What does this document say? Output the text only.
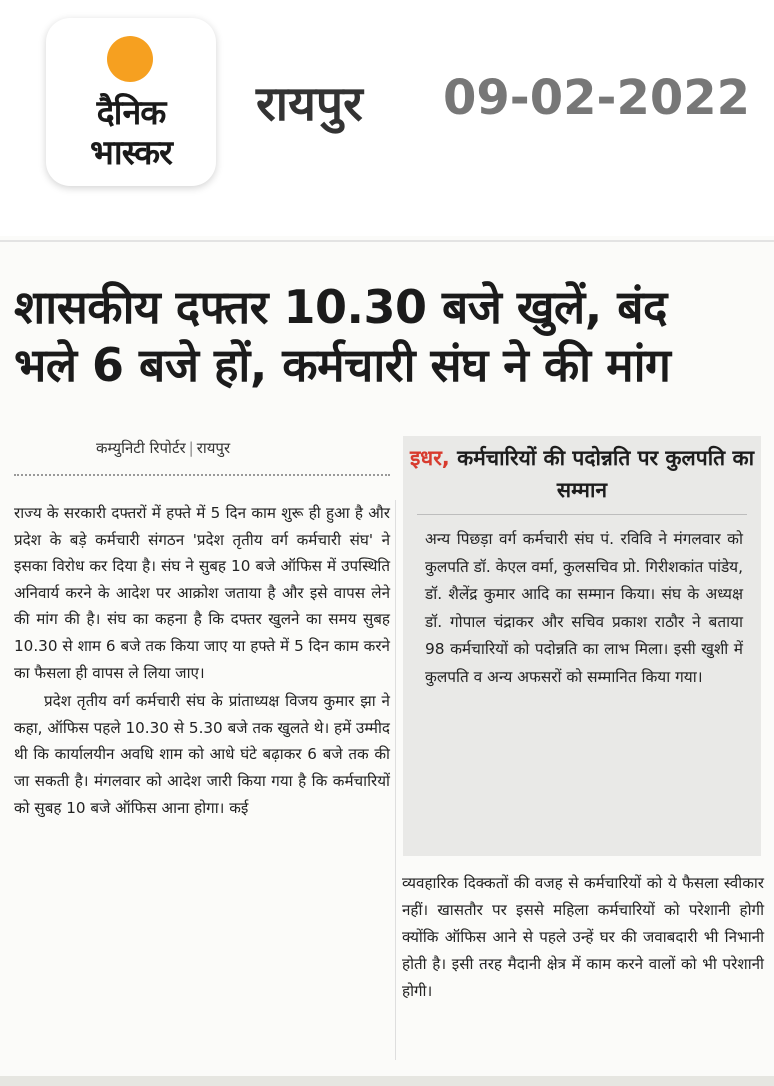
दैनिक
भास्कर
रायपुर 09-02-2022
शासकीय दफ्तर 10.30 बजे खुलें, बंद
भले 6 बजे हों, कर्मचारी संघ ने की मांग
कम्युनिटी रिपोर्टर | रायपुर

राज्य के सरकारी दफ्तरों में हफ्ते में 5 दिन काम शुरू ही हुआ है और प्रदेश के बड़े कर्मचारी संगठन 'प्रदेश तृतीय वर्ग कर्मचारी संघ' ने इसका विरोध कर दिया है। संघ ने सुबह 10 बजे ऑफिस में उपस्थिति अनिवार्य करने के आदेश पर आक्रोश जताया है और इसे वापस लेने की मांग की है। संघ का कहना है कि दफ्तर खुलने का समय सुबह 10.30 से शाम 6 बजे तक किया जाए या हफ्ते में 5 दिन काम करने का फैसला ही वापस ले लिया जाए।

प्रदेश तृतीय वर्ग कर्मचारी संघ के प्रांताध्यक्ष विजय कुमार झा ने कहा, ऑफिस पहले 10.30 से 5.30 बजे तक खुलते थे। हमें उम्मीद थी कि कार्यालयीन अवधि शाम को आधे घंटे बढ़ाकर 6 बजे तक की जा सकती है। मंगलवार को आदेश जारी किया गया है कि कर्मचारियों को सुबह 10 बजे ऑफिस आना होगा। कई

इधर, कर्मचारियों की पदोन्नति पर कुलपति का सम्मान
अन्य पिछड़ा वर्ग कर्मचारी संघ पं. रविवि ने मंगलवार को कुलपति डॉ. केएल वर्मा, कुलसचिव प्रो. गिरीशकांत पांडेय, डॉ. शैलेंद्र कुमार आदि का सम्मान किया। संघ के अध्यक्ष डॉ. गोपाल चंद्राकर और सचिव प्रकाश राठौर ने बताया 98 कर्मचारियों को पदोन्नति का लाभ मिला। इसी खुशी में कुलपति व अन्य अफसरों को सम्मानित किया गया।
व्यवहारिक दिक्कतों की वजह से कर्मचारियों को ये फैसला स्वीकार नहीं। खासतौर पर इससे महिला कर्मचारियों को परेशानी होगी क्योंकि ऑफिस आने से पहले उन्हें घर की जवाबदारी भी निभानी होती है। इसी तरह मैदानी क्षेत्र में काम करने वालों को भी परेशानी होगी।
